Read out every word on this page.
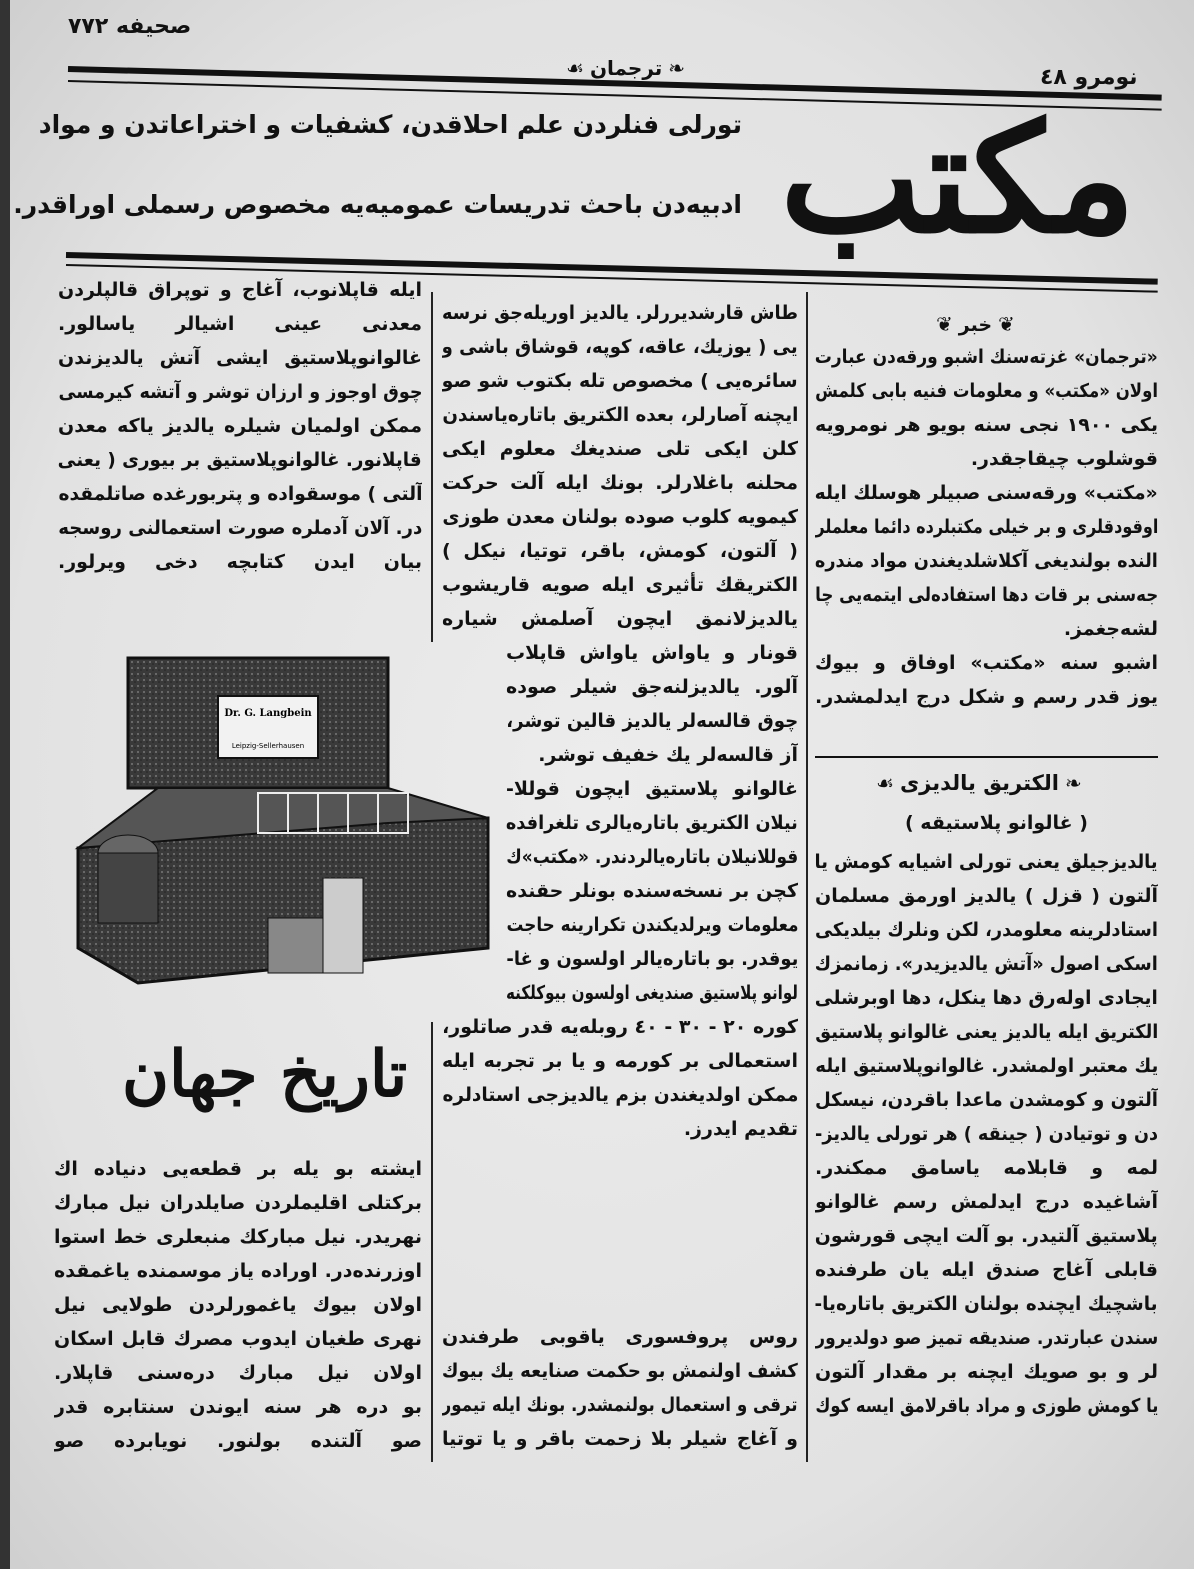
صحيفه ٧٧٢
❧ترجمان☙	نومرو ٤٨
مكتب
تورلی فنلردن علم احلاقدن، كشفيات و اختراعاتدن و مواد
ادبيه‌دن باحث تدريسات عموميه‌يه مخصوص رسملی اوراقدر.
❦خبر❦
«ترجمان» غزته‌سنك اشبو ورقه‌دن عبارت
اولان «مكتب» و معلومات فنيه بابی كلمش
يكی ١٩٠٠ نجی سنه بويو هر نومرويه
قوشلوب چيقاجقدر.
«مكتب» ورقه‌سنی صبيلر هوسلك ايله
اوقودقلری و بر خيلی مكتبلرده دائما معلملر
النده بولنديغی آكلاشلديغندن مواد مندره
جه‌سنی بر قات دها استفاده‌لی ايتمه‌يی چا
لشه‌جغمز.
اشبو سنه «مكتب» اوفاق و بيوك
يوز قدر رسم و شكل درج ايدلمشدر.
❧الكتريق يالديزی☙
( غالوانو پلاستيقه )
يالديزجيلق يعنی تورلی اشيايه كومش يا
آلتون ( قزل ) يالديز اورمق مسلمان
استادلرينه معلومدر، لكن ونلرك بيلديكی
اسكی اصول «آتش يالديزيدر». زمانمزك
ايجادی اوله‌رق دها ينكل، دها اوبرشلی
الكتريق ايله يالديز يعنی غالوانو پلاستيق
يك معتبر اولمشدر. غالوانوپلاستيق ايله
آلتون و كومشدن ماعدا باقردن، نيسكل
دن و توتيادن ( جينقه ) هر تورلی يالديز-
لمه و قابلامه ياسامق ممكندر.
آشاغيده درج ايدلمش رسم غالوانو
پلاستيق آلتيدر. بو آلت ايچی قورشون
قابلی آغاج صندق ايله يان طرفنده
باشچيك ايچنده بولنان الكتريق باتاره‌يا-
سندن عبارتدر. صنديقه تميز صو دولديرور
لر و بو صويك ايچنه بر مقدار آلتون
يا كومش طوزی و مراد باقرلامق ايسه كوك
طاش قارشديررلر. يالديز اوريله‌جق نرسه
يی ( يوزيك، عاقه، كوپه، قوشاق باشی و
سائره‌يی ) مخصوص تله بكتوب شو صو
ايچنه آصارلر، بعده الكتريق باتاره‌ياسندن
كلن ايكی تلی صنديغك معلوم ايكی
محلنه باغلارلر. بونك ايله آلت حركت
كيمويه كلوب صوده بولنان معدن طوزی
( آلتون، كومش، باقر، توتيا، نيكل )
الكتريقك تأثيری ايله صويه قاريشوب
يالديزلانمق ايچون آصلمش شياره
قونار و ياواش ياواش قاپلاب
آلور. يالديزلنه‌جق شيلر صوده
چوق قالسه‌لر يالديز قالين توشر،
آز قالسه‌لر يك خفيف توشر.
غالوانو پلاستيق ايچون قوللا-
نيلان الكتريق باتاره‌يالری تلغرافده
قوللانيلان باتاره‌يالردندر. «مكتب»ك
كچن بر نسخه‌سنده بونلر حقنده
معلومات ويرلديكندن تكرارينه حاجت
يوقدر. بو باتاره‌يالر اولسون و غا-
لوانو پلاستيق صنديغی اولسون بيوكلكنه
كوره ٢٠ - ٣٠ - ٤٠ روبله‌يه قدر صاتلور،
استعمالی بر كورمه و يا بر تجربه ايله
ممكن اولديغندن بزم يالديزجی استادلره
تقديم ايدرز.
روس پروفسوری ياقوبی طرفندن
كشف اولنمش بو حكمت صنايعه يك بيوك
ترقی و استعمال بولنمشدر. بونك ايله تيمور
و آغاج شيلر بلا زحمت باقر و يا توتيا
ايله قاپلانوب، آغاج و توپراق قالپلردن
معدنی عينی اشيالر ياسالور.
غالوانوپلاستيق ايشی آتش يالديزندن
چوق اوجوز و ارزان توشر و آتشه كيرمسی
ممكن اولميان شيلره يالديز ياكه معدن
قاپلانور. غالوانوپلاستيق بر بيوری ( يعنی
آلتی ) موسقواده و پتربورغده صاتلمقده
در. آلان آدملره صورت استعمالنی روسجه
بيان ايدن كتابچه دخی ويرلور.
Dr. G. Langbein
Leipzig-Sellerhausen
تاريخ جهان
ايشته بو يله بر قطعه‌يی دنياده اك
بركتلی اقليملردن صايلدران نيل مبارك
نهريدر. نيل مباركك منبعلری خط استوا
اوزرنده‌در. اوراده ياز موسمنده ياغمقده
اولان بيوك ياغمورلردن طولايی نيل
نهری طغيان ايدوب مصرك قابل اسكان
اولان نيل مبارك دره‌سنی قاپلار.
بو دره هر سنه ايوندن سنتابره قدر
صو آلتنده بولنور. نويابرده صو
